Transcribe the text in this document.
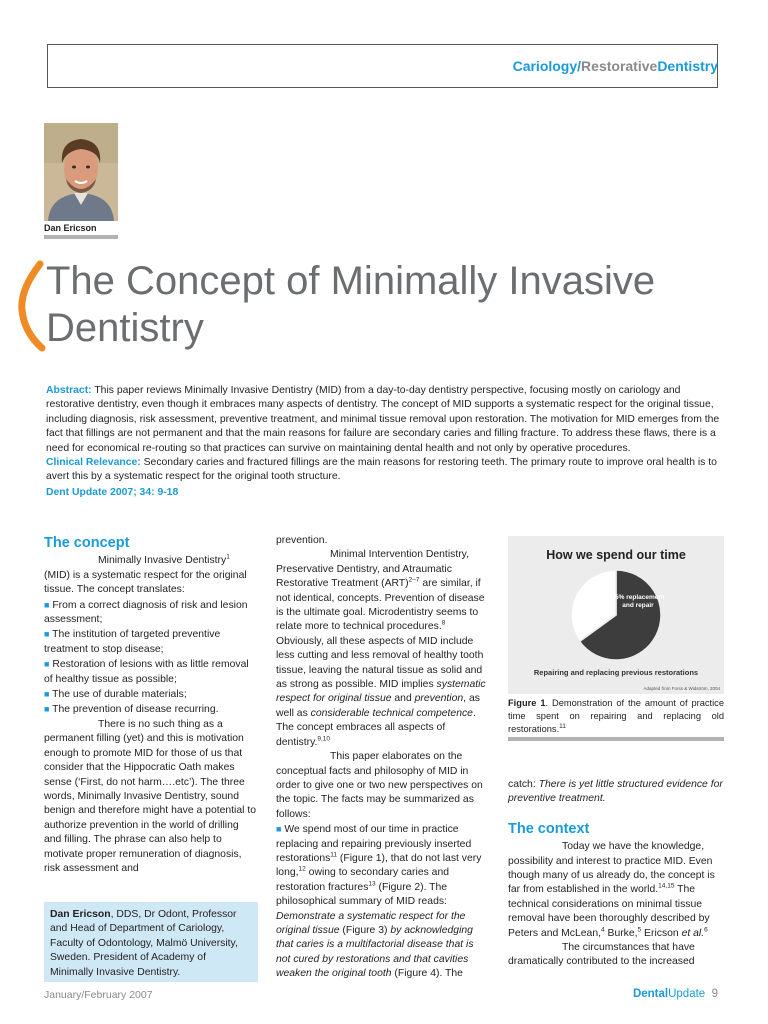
Cariology/RestorativeDentistry
Dan Ericson
The Concept of Minimally Invasive Dentistry

Abstract: This paper reviews Minimally Invasive Dentistry (MID) from a day-to-day dentistry perspective, focusing mostly on cariology and restorative dentistry, even though it embraces many aspects of dentistry. The concept of MID supports a systematic respect for the original tissue, including diagnosis, risk assessment, preventive treatment, and minimal tissue removal upon restoration. The motivation for MID emerges from the fact that fillings are not permanent and that the main reasons for failure are secondary caries and filling fracture. To address these flaws, there is a need for economical re-routing so that practices can survive on maintaining dental health and not only by operative procedures.

Clinical Relevance: Secondary caries and fractured fillings are the main reasons for restoring teeth. The primary route to improve oral health is to avert this by a systematic respect for the original tooth structure.

Dent Update 2007; 34: 9-18

The concept

Minimally Invasive Dentistry$^1$ (MID) is a systematic respect for the original tissue. The concept translates:

■ From a correct diagnosis of risk and lesion assessment;

■ The institution of targeted preventive treatment to stop disease;

■ Restoration of lesions with as little removal of healthy tissue as possible;

■ The use of durable materials;

■ The prevention of disease recurring.

There is no such thing as a permanent filling (yet) and this is motivation enough to promote MID for those of us that consider that the Hippocratic Oath makes sense (‘First, do not harm….etc’). The three words, Minimally Invasive Dentistry, sound benign and therefore might have a potential to authorize prevention in the world of drilling and filling. The phrase can also help to motivate proper remuneration of diagnosis, risk assessment and

Dan Ericson, DDS, Dr Odont, Professor and Head of Department of Cariology, Faculty of Odontology, Malmö University, Sweden. President of Academy of Minimally Invasive Dentistry.

prevention.

Minimal Intervention Dentistry, Preservative Dentistry, and Atraumatic Restorative Treatment (ART)$^{2-7}$ are similar, if not identical, concepts. Prevention of disease is the ultimate goal. Microdentistry seems to relate more to technical procedures.$^8$ Obviously, all these aspects of MID include less cutting and less removal of healthy tooth tissue, leaving the natural tissue as solid and as strong as possible. MID implies systematic respect for original tissue and prevention, as well as considerable technical competence. The concept embraces all aspects of dentistry.$^{9,10}$

This paper elaborates on the conceptual facts and philosophy of MID in order to give one or two new perspectives on the topic. The facts may be summarized as follows:

■ We spend most of our time in practice replacing and repairing previously inserted restorations$^{11}$ (Figure 1), that do not last very long,$^{12}$ owing to secondary caries and restoration fractures$^{13}$ (Figure 2). The philosophical summary of MID reads: Demonstrate a systematic respect for the original tissue (Figure 3) by acknowledging that caries is a multifactorial disease that is not cured by restorations and that cavities weaken the original tooth (Figure 4). The

How we spend our time
65% replacement and repair
Repairing and replacing previous restorations
Adapted from Forss & Widström, 2004
Figure 1. Demonstration of the amount of practice time spent on repairing and replacing old restorations.$^{11}$

catch: There is yet little structured evidence for preventive treatment.

The context

Today we have the knowledge, possibility and interest to practice MID. Even though many of us already do, the concept is far from established in the world.$^{14,15}$ The technical considerations on minimal tissue removal have been thoroughly described by Peters and McLean,$^4$ Burke,$^5$ Ericson et al.$^6$

The circumstances that have dramatically contributed to the increased

January/February 2007	DentalUpdate 9
